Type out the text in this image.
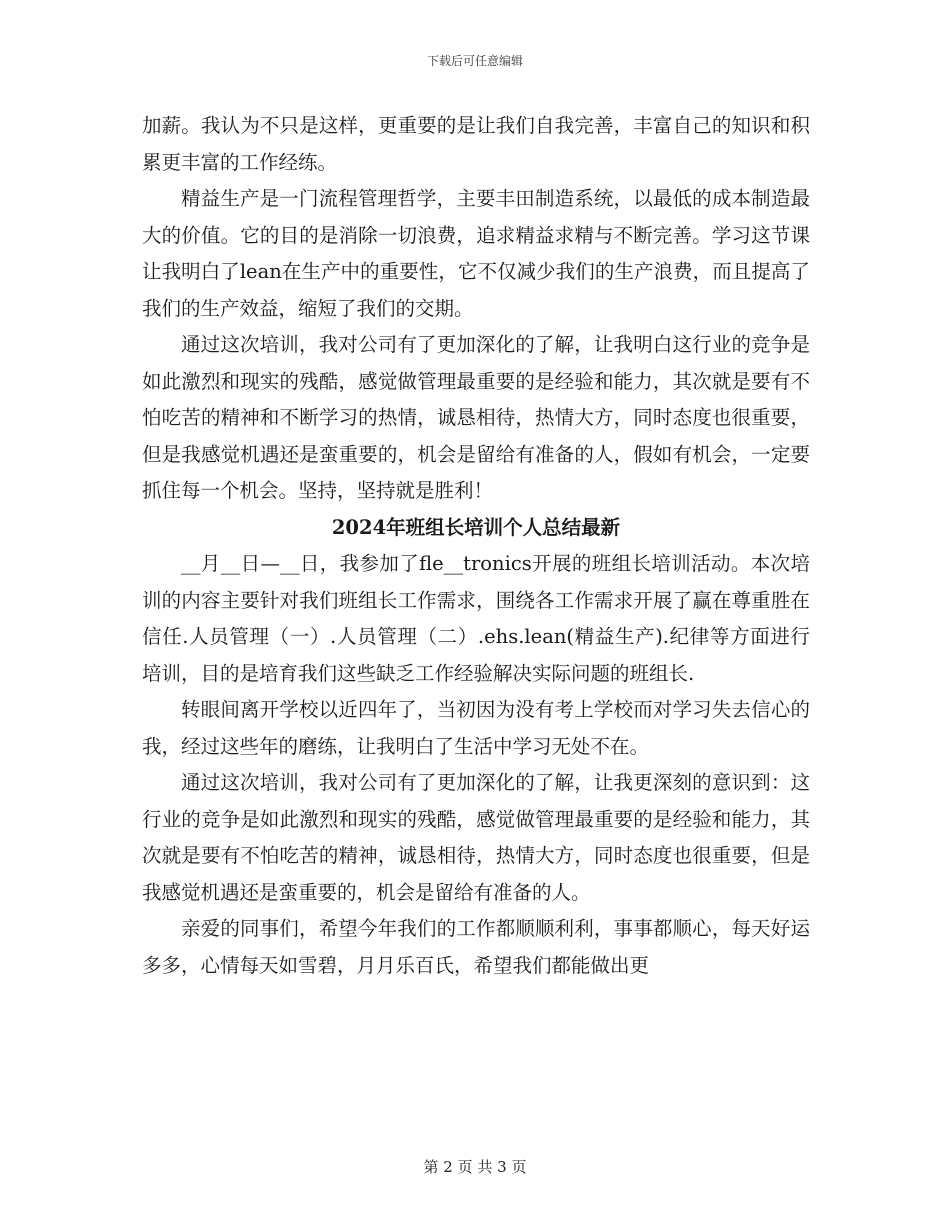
下载后可任意编辑

加薪。我认为不只是这样，更重要的是让我们自我完善，丰富自己的知识和积累更丰富的工作经练。

精益生产是一门流程管理哲学，主要丰田制造系统，以最低的成本制造最大的价值。它的目的是消除一切浪费，追求精益求精与不断完善。学习这节课让我明白了lean在生产中的重要性，它不仅减少我们的生产浪费，而且提高了我们的生产效益，缩短了我们的交期。

通过这次培训，我对公司有了更加深化的了解，让我明白这行业的竞争是如此激烈和现实的残酷，感觉做管理最重要的是经验和能力，其次就是要有不怕吃苦的精神和不断学习的热情，诚恳相待，热情大方，同时态度也很重要，但是我感觉机遇还是蛮重要的，机会是留给有准备的人，假如有机会，一定要抓住每一个机会。坚持，坚持就是胜利！

2024年班组长培训个人总结最新

__月__日—__日，我参加了fle__tronics开展的班组长培训活动。本次培训的内容主要针对我们班组长工作需求，围绕各工作需求开展了赢在尊重胜在信任.人员管理（一）.人员管理（二）.ehs.lean(精益生产).纪律等方面进行培训，目的是培育我们这些缺乏工作经验解决实际问题的班组长.

转眼间离开学校以近四年了，当初因为没有考上学校而对学习失去信心的我，经过这些年的磨练，让我明白了生活中学习无处不在。

通过这次培训，我对公司有了更加深化的了解，让我更深刻的意识到：这行业的竞争是如此激烈和现实的残酷，感觉做管理最重要的是经验和能力，其次就是要有不怕吃苦的精神，诚恳相待，热情大方，同时态度也很重要，但是我感觉机遇还是蛮重要的，机会是留给有准备的人。

亲爱的同事们，希望今年我们的工作都顺顺利利，事事都顺心，每天好运多多，心情每天如雪碧，月月乐百氏，希望我们都能做出更

第 2 页 共 3 页
